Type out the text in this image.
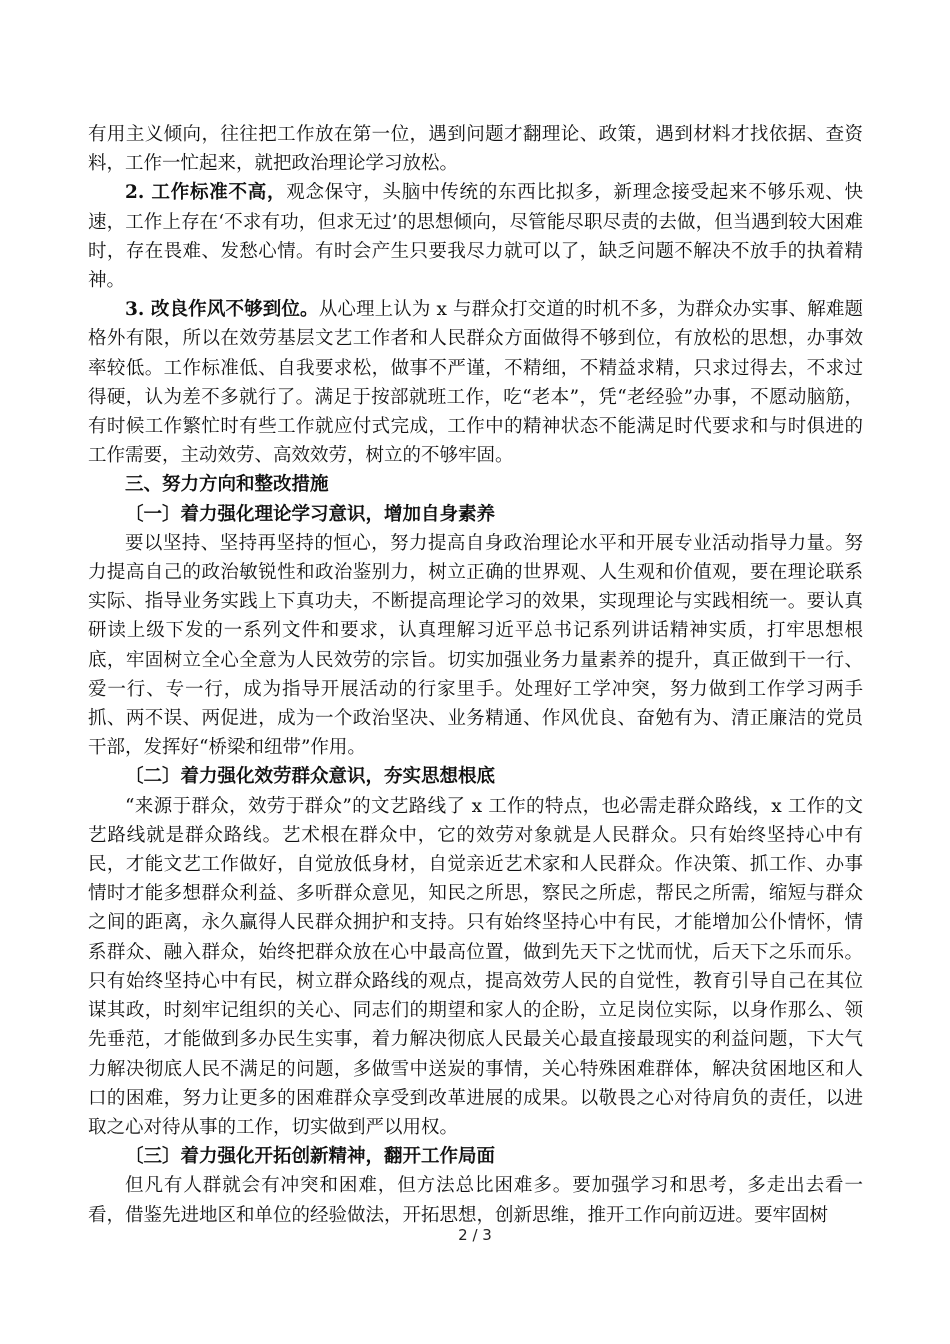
有用主义倾向，往往把工作放在第一位，遇到问题才翻理论、政策，遇到材料才找依据、查资料，工作一忙起来，就把政治理论学习放松。

2. 工作标准不高，观念保守，头脑中传统的东西比拟多，新理念接受起来不够乐观、快速，工作上存在‘不求有功，但求无过’的思想倾向，尽管能尽职尽责的去做，但当遇到较大困难时，存在畏难、发愁心情。有时会产生只要我尽力就可以了，缺乏问题不解决不放手的执着精神。

3. 改良作风不够到位。从心理上认为 x 与群众打交道的时机不多，为群众办实事、解难题格外有限，所以在效劳基层文艺工作者和人民群众方面做得不够到位，有放松的思想，办事效率较低。工作标准低、自我要求松，做事不严谨，不精细，不精益求精，只求过得去，不求过得硬，认为差不多就行了。满足于按部就班工作，吃“老本”，凭“老经验”办事，不愿动脑筋，有时候工作繁忙时有些工作就应付式完成，工作中的精神状态不能满足时代要求和与时俱进的工作需要，主动效劳、高效效劳，树立的不够牢固。

三、努力方向和整改措施

〔一〕着力强化理论学习意识，增加自身素养

要以坚持、坚持再坚持的恒心，努力提高自身政治理论水平和开展专业活动指导力量。努力提高自己的政治敏锐性和政治鉴别力，树立正确的世界观、人生观和价值观，要在理论联系实际、指导业务实践上下真功夫，不断提高理论学习的效果，实现理论与实践相统一。要认真研读上级下发的一系列文件和要求，认真理解习近平总书记系列讲话精神实质，打牢思想根底，牢固树立全心全意为人民效劳的宗旨。切实加强业务力量素养的提升，真正做到干一行、爱一行、专一行，成为指导开展活动的行家里手。处理好工学冲突，努力做到工作学习两手抓、两不误、两促进，成为一个政治坚决、业务精通、作风优良、奋勉有为、清正廉洁的党员干部，发挥好“桥梁和纽带”作用。

〔二〕着力强化效劳群众意识，夯实思想根底

“来源于群众，效劳于群众”的文艺路线了 x 工作的特点，也必需走群众路线，x 工作的文艺路线就是群众路线。艺术根在群众中，它的效劳对象就是人民群众。只有始终坚持心中有民，才能文艺工作做好，自觉放低身材，自觉亲近艺术家和人民群众。作决策、抓工作、办事情时才能多想群众利益、多听群众意见，知民之所思，察民之所虑，帮民之所需，缩短与群众之间的距离，永久赢得人民群众拥护和支持。只有始终坚持心中有民，才能增加公仆情怀，情系群众、融入群众，始终把群众放在心中最高位置，做到先天下之忧而忧，后天下之乐而乐。只有始终坚持心中有民，树立群众路线的观点，提高效劳人民的自觉性，教育引导自己在其位谋其政，时刻牢记组织的关心、同志们的期望和家人的企盼，立足岗位实际，以身作那么、领先垂范，才能做到多办民生实事，着力解决彻底人民最关心最直接最现实的利益问题，下大气力解决彻底人民不满足的问题，多做雪中送炭的事情，关心特殊困难群体，解决贫困地区和人口的困难，努力让更多的困难群众享受到改革进展的成果。以敬畏之心对待肩负的责任，以进取之心对待从事的工作，切实做到严以用权。

〔三〕着力强化开拓创新精神，翻开工作局面

但凡有人群就会有冲突和困难，但方法总比困难多。要加强学习和思考，多走出去看一看，借鉴先进地区和单位的经验做法，开拓思想，创新思维，推开工作向前迈进。要牢固树

2 / 3
